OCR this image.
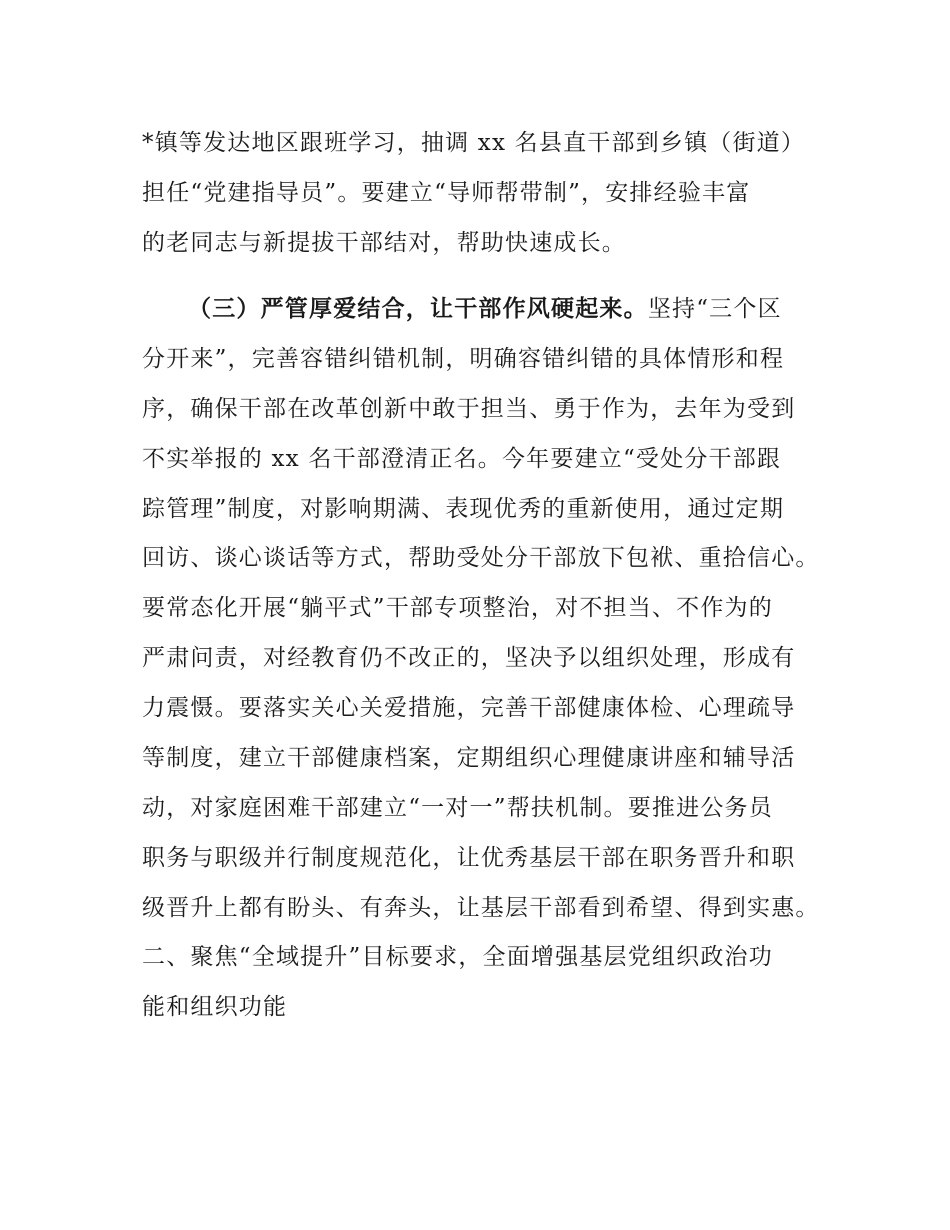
*镇等发达地区跟班学习，抽调 xx 名县直干部到乡镇（街道）
担任“党建指导员”。要建立“导师帮带制”，安排经验丰富
的老同志与新提拔干部结对，帮助快速成长。
（三）严管厚爱结合，让干部作风硬起来。坚持“三个区
分开来”，完善容错纠错机制，明确容错纠错的具体情形和程
序，确保干部在改革创新中敢于担当、勇于作为，去年为受到
不实举报的 xx 名干部澄清正名。今年要建立“受处分干部跟
踪管理”制度，对影响期满、表现优秀的重新使用，通过定期
回访、谈心谈话等方式，帮助受处分干部放下包袱、重拾信心。
要常态化开展“躺平式”干部专项整治，对不担当、不作为的
严肃问责，对经教育仍不改正的，坚决予以组织处理，形成有
力震慑。要落实关心关爱措施，完善干部健康体检、心理疏导
等制度，建立干部健康档案，定期组织心理健康讲座和辅导活
动，对家庭困难干部建立“一对一”帮扶机制。要推进公务员
职务与职级并行制度规范化，让优秀基层干部在职务晋升和职
级晋升上都有盼头、有奔头，让基层干部看到希望、得到实惠。
二、聚焦“全域提升”目标要求，全面增强基层党组织政治功
能和组织功能
